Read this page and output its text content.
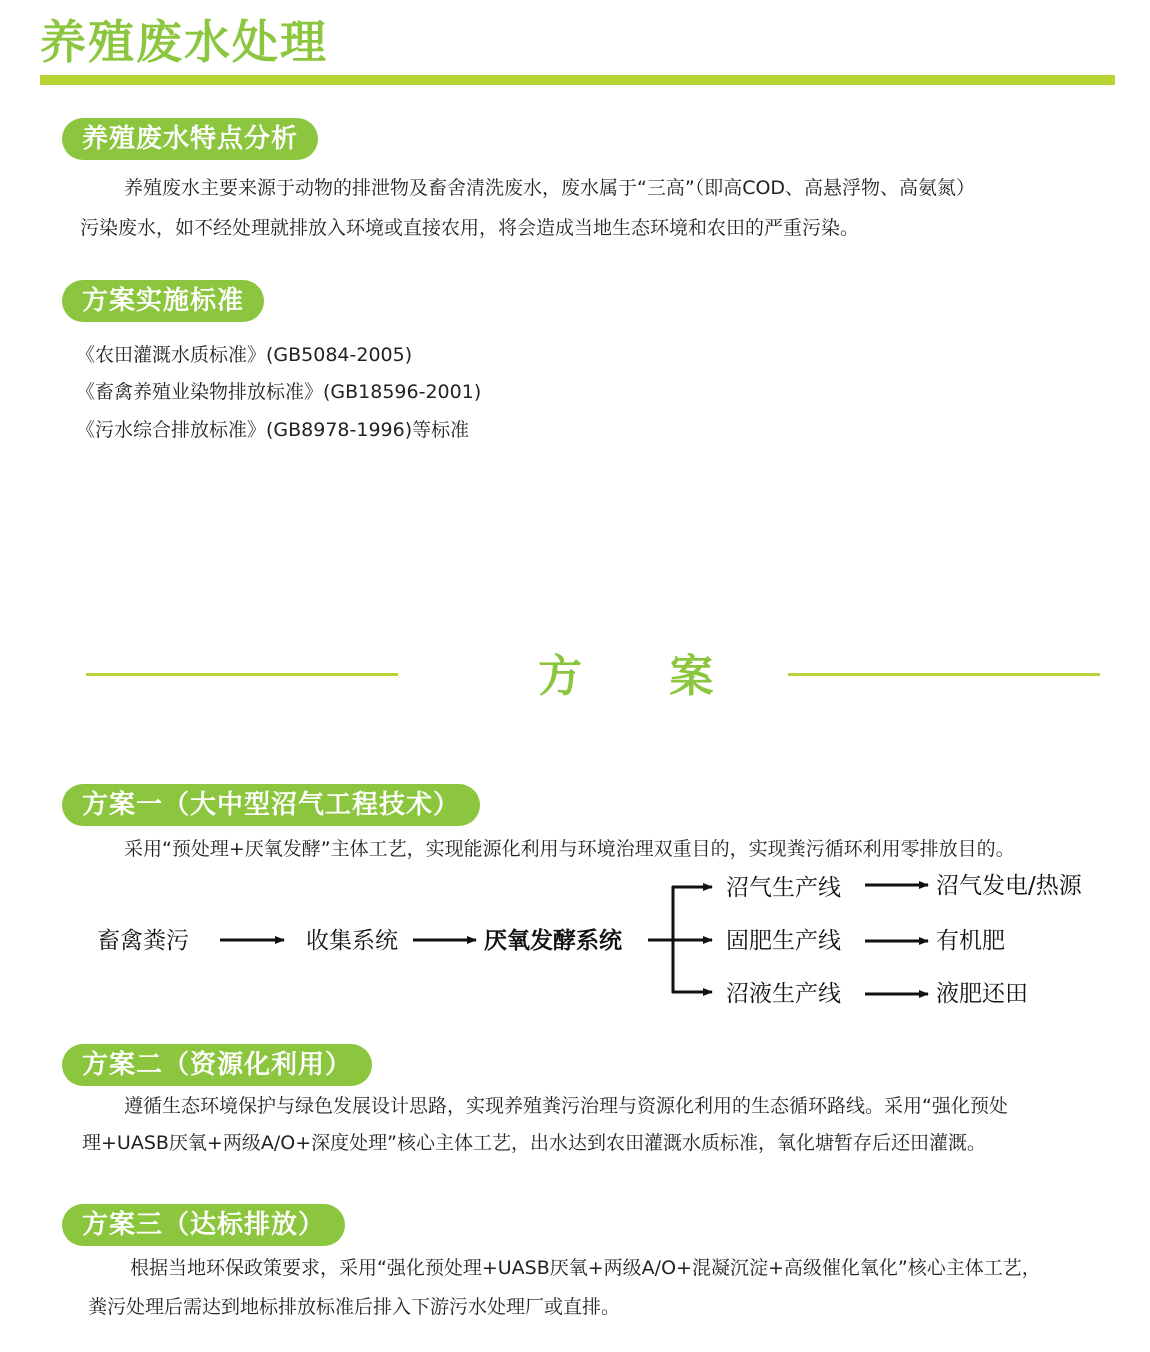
养殖废水处理
养殖废水特点分析
养殖废水主要来源于动物的排泄物及畜舍清洗废水，废水属于“三高”（即高COD、高悬浮物、高氨氮）
污染废水，如不经处理就排放入环境或直接农用，将会造成当地生态环境和农田的严重污染。
方案实施标准
《农田灌溉水质标准》(GB5084-2005)
《畜禽养殖业染物排放标准》(GB18596-2001)
《污水综合排放标准》(GB8978-1996)等标准
方 案
方案一（大中型沼气工程技术）
采用“预处理+厌氧发酵”主体工艺，实现能源化利用与环境治理双重目的，实现粪污循环利用零排放目的。
畜禽粪污	收集系统	厌氧发酵系统
沼气生产线
固肥生产线
沼液生产线
沼气发电/热源
有机肥
液肥还田
方案二（资源化利用）
遵循生态环境保护与绿色发展设计思路，实现养殖粪污治理与资源化利用的生态循环路线。采用“强化预处
理+UASB厌氧+两级A/O+深度处理”核心主体工艺，出水达到农田灌溉水质标准，氧化塘暂存后还田灌溉。
方案三（达标排放）
根据当地环保政策要求，采用“强化预处理+UASB厌氧+两级A/O+混凝沉淀+高级催化氧化”核心主体工艺，
粪污处理后需达到地标排放标准后排入下游污水处理厂或直排。
